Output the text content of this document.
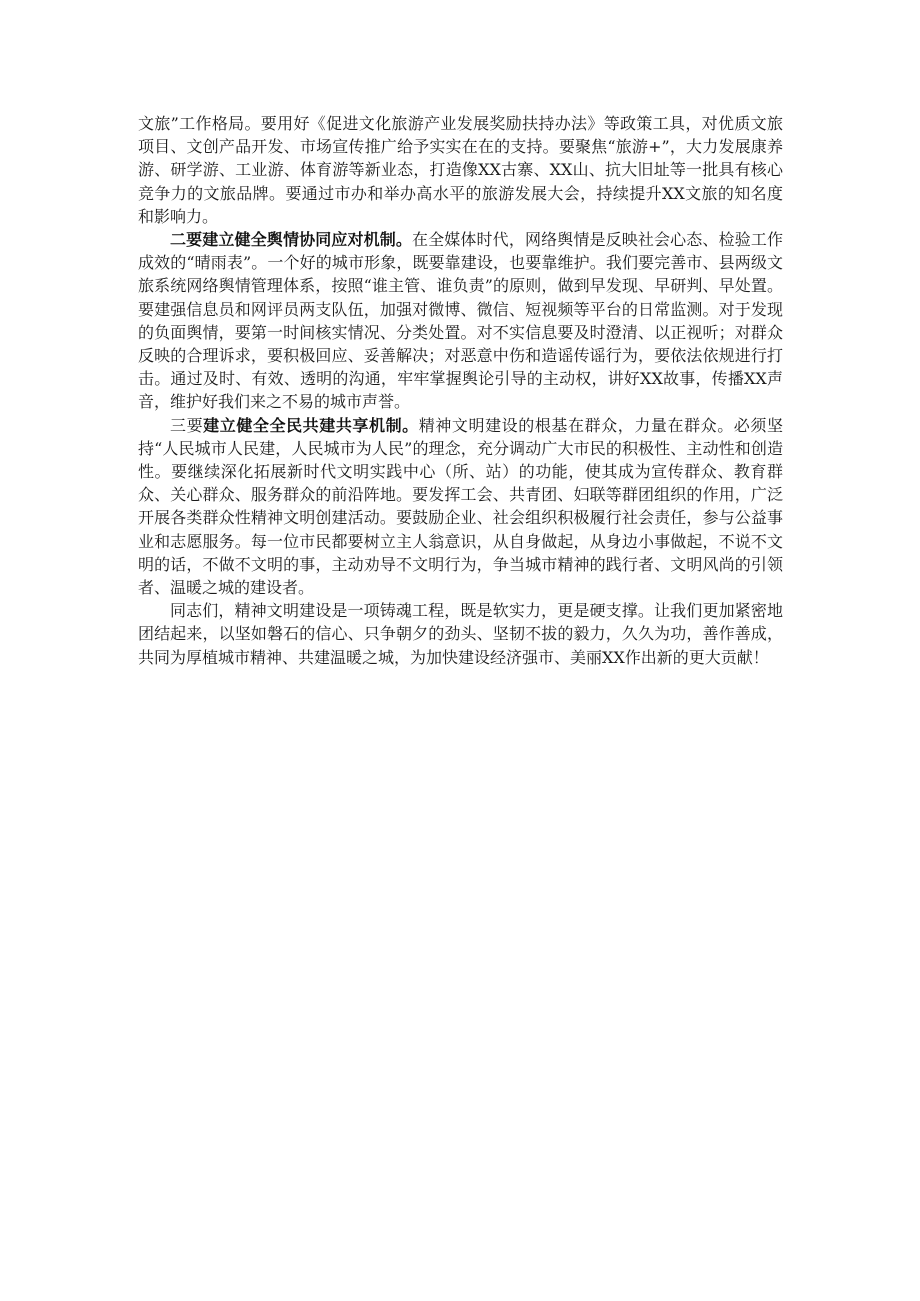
文旅”工作格局。要用好《促进文化旅游产业发展奖励扶持办法》等政策工具，对优质文旅项目、文创产品开发、市场宣传推广给予实实在在的支持。要聚焦“旅游+”，大力发展康养游、研学游、工业游、体育游等新业态，打造像XX古寨、XX山、抗大旧址等一批具有核心竞争力的文旅品牌。要通过市办和举办高水平的旅游发展大会，持续提升XX文旅的知名度和影响力。

二要建立健全舆情协同应对机制。在全媒体时代，网络舆情是反映社会心态、检验工作成效的“晴雨表”。一个好的城市形象，既要靠建设，也要靠维护。我们要完善市、县两级文旅系统网络舆情管理体系，按照“谁主管、谁负责”的原则，做到早发现、早研判、早处置。要建强信息员和网评员两支队伍，加强对微博、微信、短视频等平台的日常监测。对于发现的负面舆情，要第一时间核实情况、分类处置。对不实信息要及时澄清、以正视听；对群众反映的合理诉求，要积极回应、妥善解决；对恶意中伤和造谣传谣行为，要依法依规进行打击。通过及时、有效、透明的沟通，牢牢掌握舆论引导的主动权，讲好XX故事，传播XX声音，维护好我们来之不易的城市声誉。

三要建立健全全民共建共享机制。精神文明建设的根基在群众，力量在群众。必须坚持“人民城市人民建，人民城市为人民”的理念，充分调动广大市民的积极性、主动性和创造性。要继续深化拓展新时代文明实践中心（所、站）的功能，使其成为宣传群众、教育群众、关心群众、服务群众的前沿阵地。要发挥工会、共青团、妇联等群团组织的作用，广泛开展各类群众性精神文明创建活动。要鼓励企业、社会组织积极履行社会责任，参与公益事业和志愿服务。每一位市民都要树立主人翁意识，从自身做起，从身边小事做起，不说不文明的话，不做不文明的事，主动劝导不文明行为，争当城市精神的践行者、文明风尚的引领者、温暖之城的建设者。

同志们，精神文明建设是一项铸魂工程，既是软实力，更是硬支撑。让我们更加紧密地团结起来，以坚如磐石的信心、只争朝夕的劲头、坚韧不拔的毅力，久久为功，善作善成，共同为厚植城市精神、共建温暖之城，为加快建设经济强市、美丽XX作出新的更大贡献！
